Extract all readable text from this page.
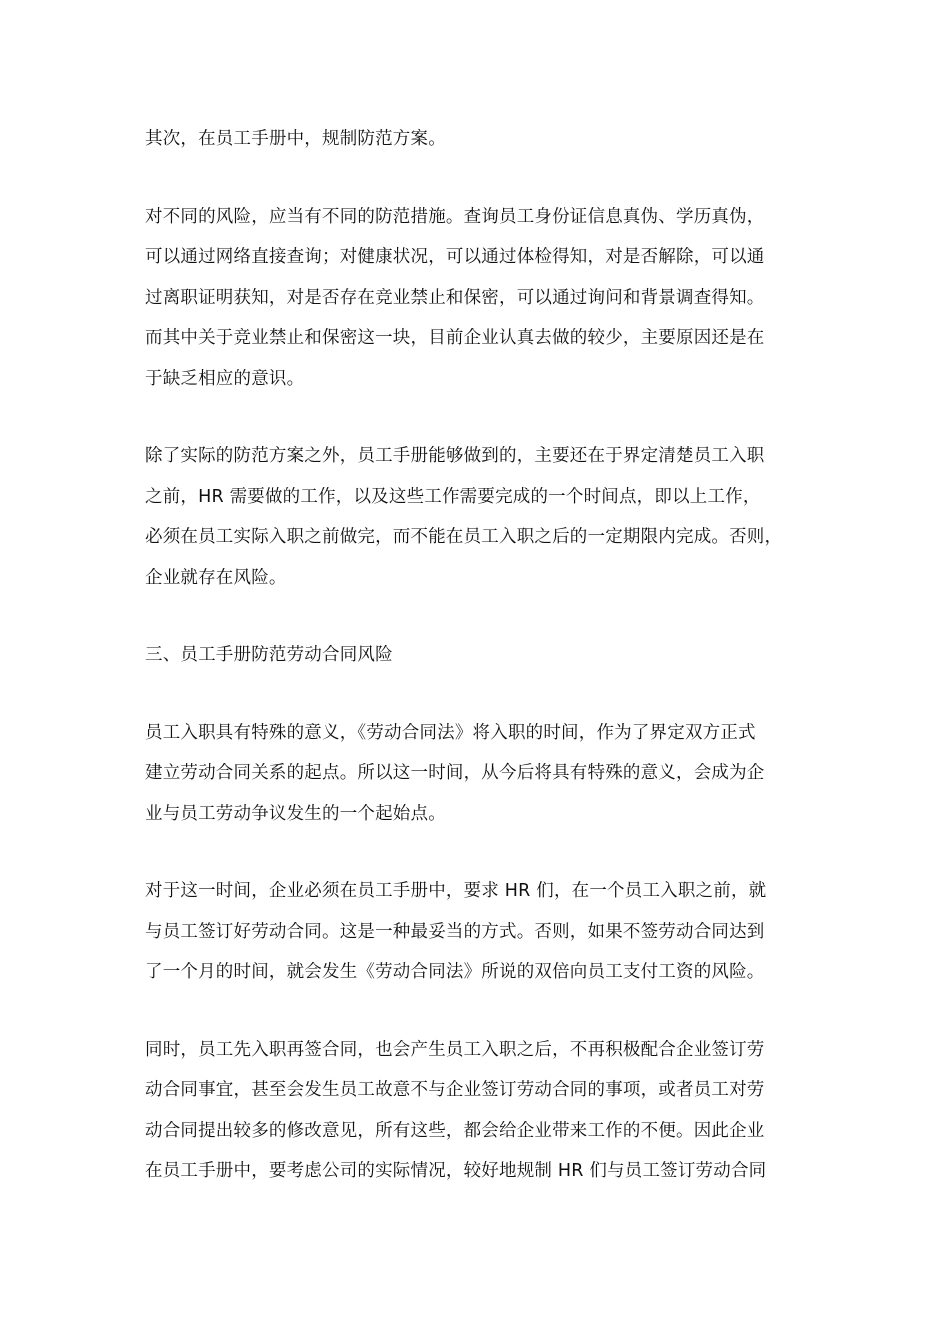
其次，在员工手册中，规制防范方案。

对不同的风险，应当有不同的防范措施。查询员工身份证信息真伪、学历真伪，
可以通过网络直接查询；对健康状况，可以通过体检得知，对是否解除，可以通
过离职证明获知，对是否存在竞业禁止和保密，可以通过询问和背景调查得知。
而其中关于竞业禁止和保密这一块，目前企业认真去做的较少，主要原因还是在
于缺乏相应的意识。

除了实际的防范方案之外，员工手册能够做到的，主要还在于界定清楚员工入职
之前，HR 需要做的工作，以及这些工作需要完成的一个时间点，即以上工作，
必须在员工实际入职之前做完，而不能在员工入职之后的一定期限内完成。否则，
企业就存在风险。

三、员工手册防范劳动合同风险

员工入职具有特殊的意义，《劳动合同法》将入职的时间，作为了界定双方正式
建立劳动合同关系的起点。所以这一时间，从今后将具有特殊的意义，会成为企
业与员工劳动争议发生的一个起始点。

对于这一时间，企业必须在员工手册中，要求 HR 们，在一个员工入职之前，就
与员工签订好劳动合同。这是一种最妥当的方式。否则，如果不签劳动合同达到
了一个月的时间，就会发生《劳动合同法》所说的双倍向员工支付工资的风险。

同时，员工先入职再签合同，也会产生员工入职之后，不再积极配合企业签订劳
动合同事宜，甚至会发生员工故意不与企业签订劳动合同的事项，或者员工对劳
动合同提出较多的修改意见，所有这些，都会给企业带来工作的不便。因此企业
在员工手册中，要考虑公司的实际情况，较好地规制 HR 们与员工签订劳动合同
